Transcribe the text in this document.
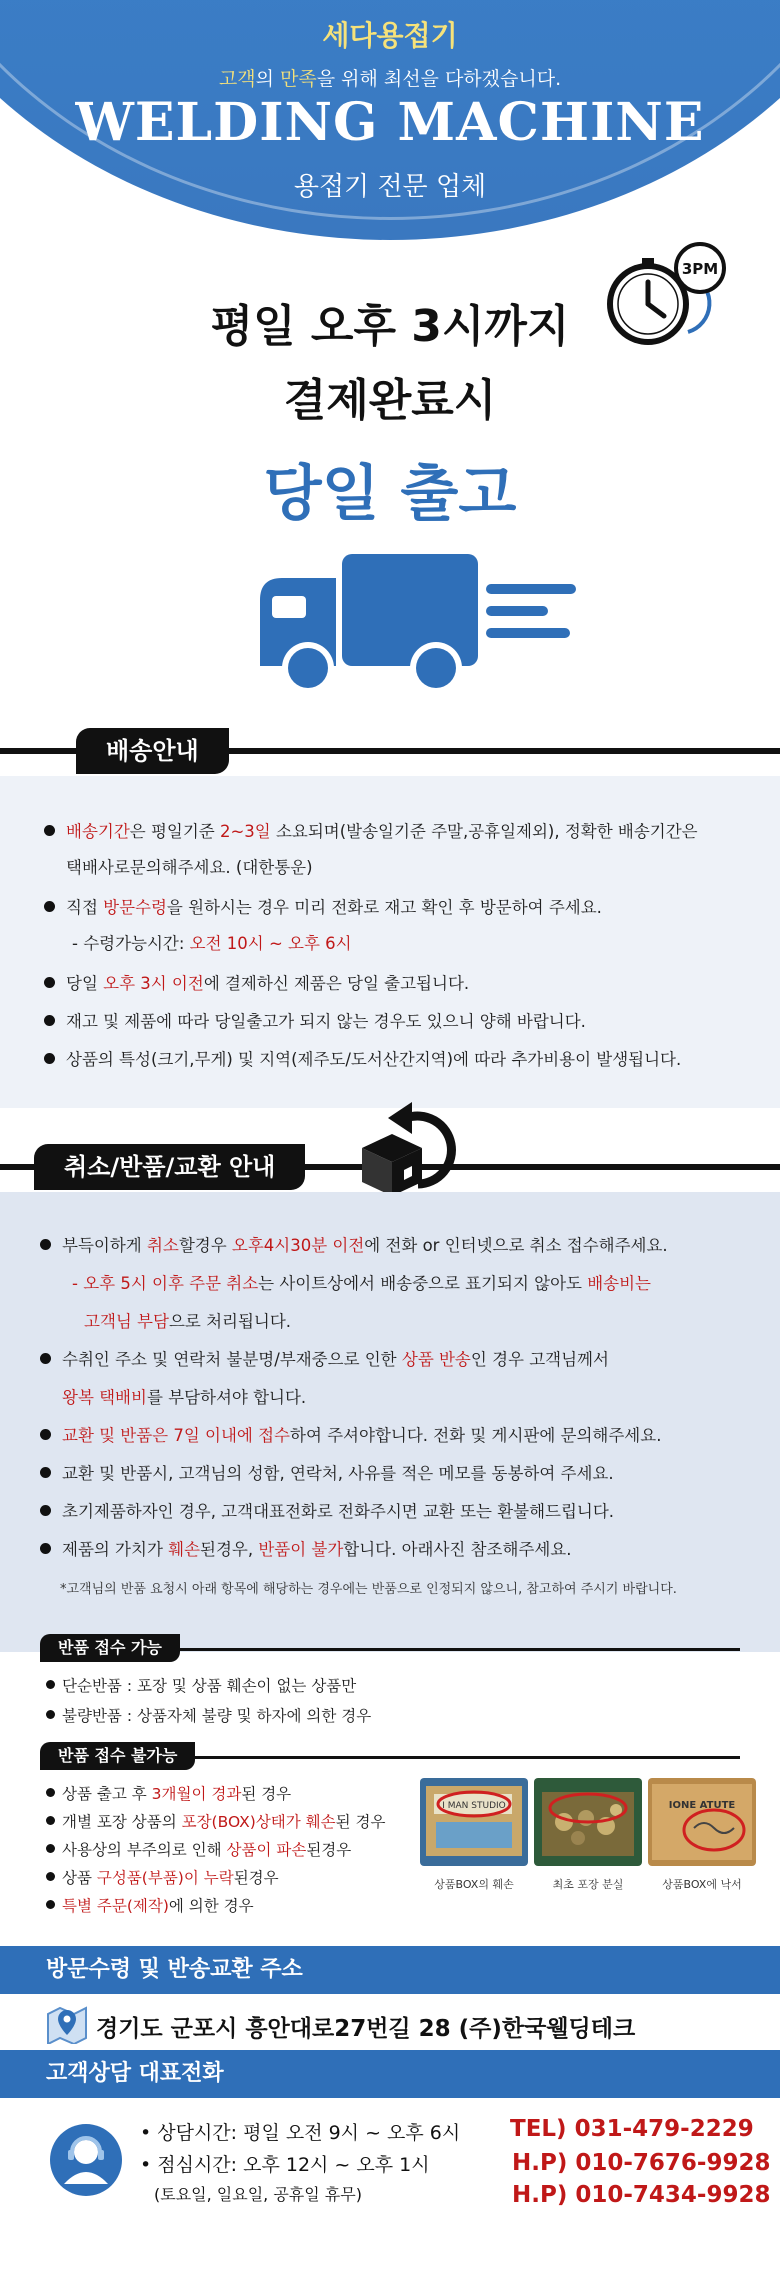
세다용접기
고객의 만족을 위해 최선을 다하겠습니다.
WELDING MACHINE
용접기 전문 업체
3PM
평일 오후 3시까지
결제완료시
당일 출고
배송안내
배송기간은 평일기준 2~3일 소요되며(발송일기준 주말,공휴일제외), 정확한 배송기간은
택배사로문의해주세요. (대한통운)
직접 방문수령을 원하시는 경우 미리 전화로 재고 확인 후 방문하여 주세요.
- 수령가능시간: 오전 10시 ~ 오후 6시
당일 오후 3시 이전에 결제하신 제품은 당일 출고됩니다.
재고 및 제품에 따라 당일출고가 되지 않는 경우도 있으니 양해 바랍니다.
상품의 특성(크기,무게) 및 지역(제주도/도서산간지역)에 따라 추가비용이 발생됩니다.
취소/반품/교환 안내
부득이하게 취소할경우 오후4시30분 이전에 전화 or 인터넷으로 취소 접수해주세요.
- 오후 5시 이후 주문 취소는 사이트상에서 배송중으로 표기되지 않아도 배송비는
고객님 부담으로 처리됩니다.
수취인 주소 및 연락처 불분명/부재중으로 인한 상품 반송인 경우 고객님께서
왕복 택배비를 부담하셔야 합니다.
교환 및 반품은 7일 이내에 접수하여 주셔야합니다. 전화 및 게시판에 문의해주세요.
교환 및 반품시, 고객님의 성함, 연락처, 사유를 적은 메모를 동봉하여 주세요.
초기제품하자인 경우, 고객대표전화로 전화주시면 교환 또는 환불해드립니다.
제품의 가치가 훼손된경우, 반품이 불가합니다. 아래사진 참조해주세요.
*고객님의 반품 요청시 아래 항목에 해당하는 경우에는 반품으로 인정되지 않으니, 참고하여 주시기 바랍니다.
반품 접수 가능
단순반품 : 포장 및 상품 훼손이 없는 상품만
불량반품 : 상품자체 불량 및 하자에 의한 경우
반품 접수 불가능
상품 출고 후 3개월이 경과된 경우
개별 포장 상품의 포장(BOX)상태가 훼손된 경우
사용상의 부주의로 인해 상품이 파손된경우
상품 구성품(부품)이 누락된경우
특별 주문(제작)에 의한 경우
I MAN STUDIO
상품BOX의 훼손	최초 포장 분실
IONE ATUTE
상품BOX에 낙서
방문수령 및 반송교환 주소
경기도 군포시 흥안대로27번길 28 (주)한국웰딩테크
고객상담 대표전화
• 상담시간: 평일 오전 9시 ~ 오후 6시
• 점심시간: 오후 12시 ~ 오후 1시
(토요일, 일요일, 공휴일 휴무)
TEL) 031-479-2229
H.P) 010-7676-9928
H.P) 010-7434-9928
